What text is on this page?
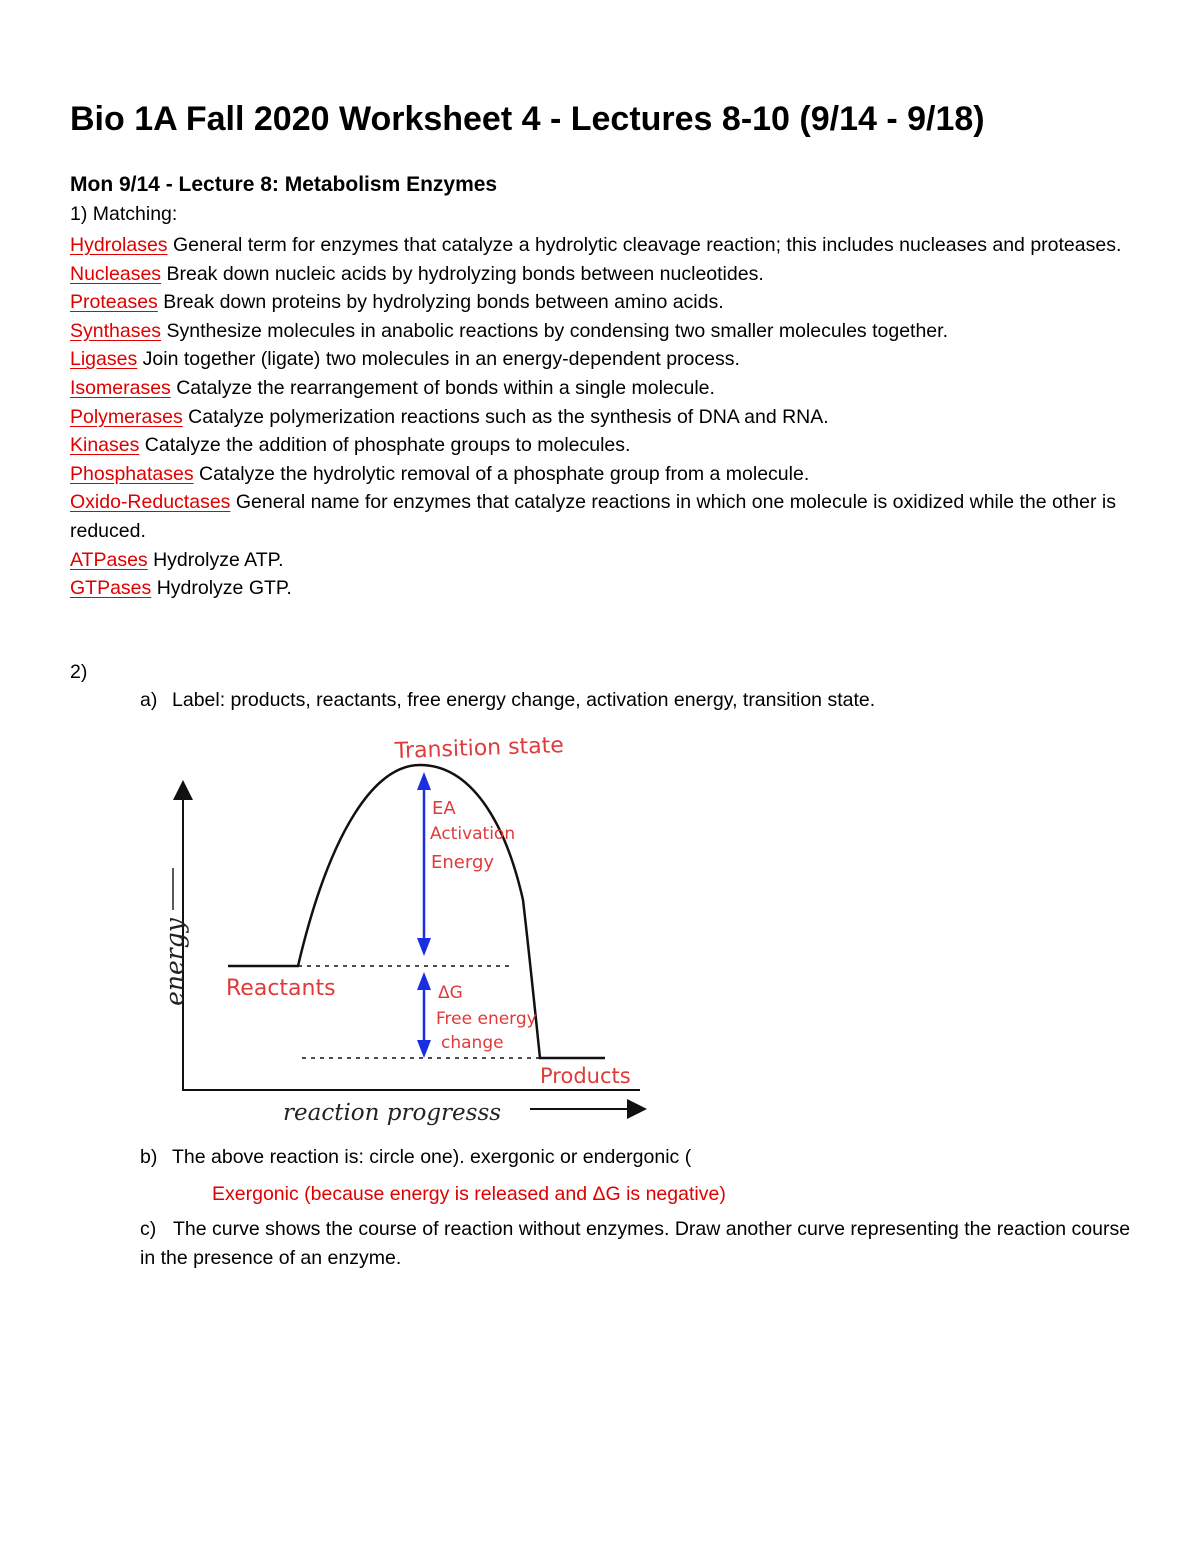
Bio 1A Fall 2020 Worksheet 4 - Lectures 8-10 (9/14 - 9/18)
Mon 9/14 - Lecture 8: Metabolism Enzymes
1) Matching:
Hydrolases General term for enzymes that catalyze a hydrolytic cleavage reaction; this includes nucleases and proteases.
Nucleases Break down nucleic acids by hydrolyzing bonds between nucleotides.
Proteases Break down proteins by hydrolyzing bonds between amino acids.
Synthases Synthesize molecules in anabolic reactions by condensing two smaller molecules together.
Ligases Join together (ligate) two molecules in an energy-dependent process.
Isomerases Catalyze the rearrangement of bonds within a single molecule.
Polymerases Catalyze polymerization reactions such as the synthesis of DNA and RNA.
Kinases Catalyze the addition of phosphate groups to molecules.
Phosphatases Catalyze the hydrolytic removal of a phosphate group from a molecule.
Oxido-Reductases General name for enzymes that catalyze reactions in which one molecule is oxidized while the other is reduced.
ATPases Hydrolyze ATP.
GTPases Hydrolyze GTP.
2)
a) Label: products, reactants, free energy change, activation energy, transition state.
energy
reaction progresss
Transition state
EA
Activation
Energy
Reactants	ΔG
Free energy
change
Products
b) The above reaction is: circle one). exergonic or endergonic (
Exergonic (because energy is released and ΔG is negative)
c) The curve shows the course of reaction without enzymes. Draw another curve representing the reaction course in the presence of an enzyme.
